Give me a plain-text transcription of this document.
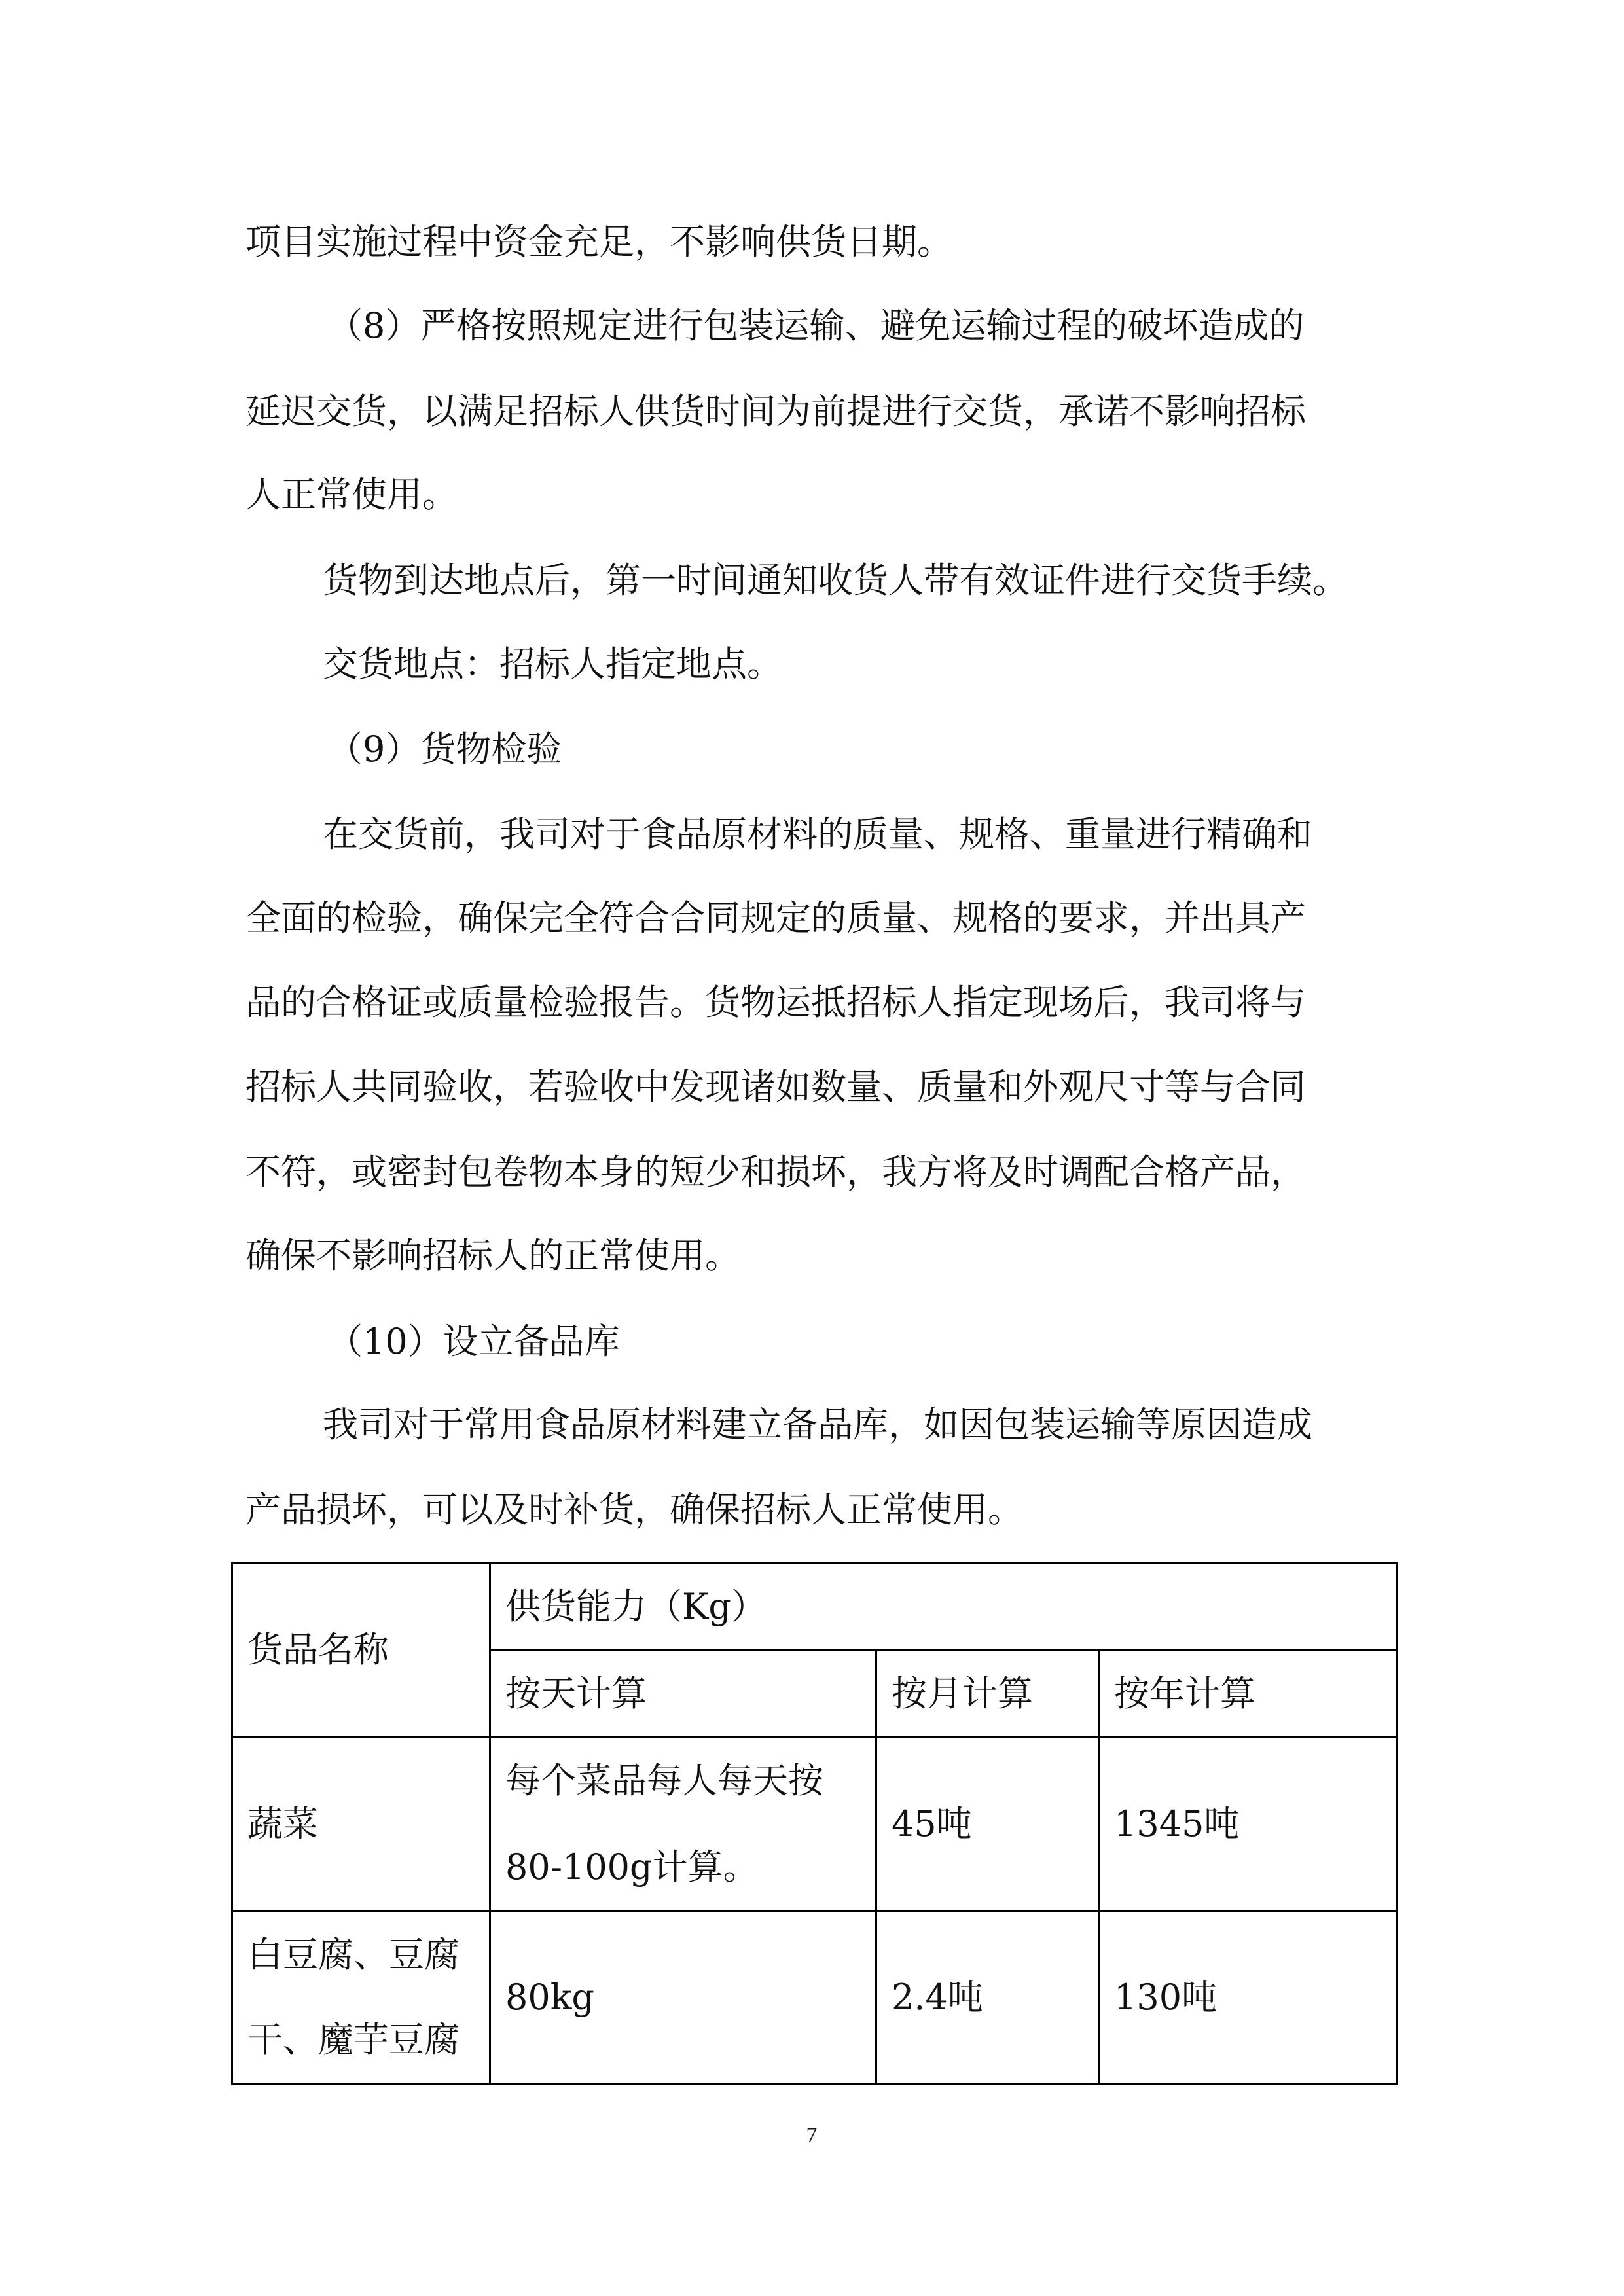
项目实施过程中资金充足，不影响供货日期。
（8）严格按照规定进行包装运输、避免运输过程的破坏造成的
延迟交货，以满足招标人供货时间为前提进行交货，承诺不影响招标
人正常使用。
货物到达地点后，第一时间通知收货人带有效证件进行交货手续。
交货地点：招标人指定地点。
（9）货物检验
在交货前，我司对于食品原材料的质量、规格、重量进行精确和
全面的检验，确保完全符合合同规定的质量、规格的要求，并出具产
品的合格证或质量检验报告。货物运抵招标人指定现场后，我司将与
招标人共同验收，若验收中发现诸如数量、质量和外观尺寸等与合同
不符，或密封包卷物本身的短少和损坏，我方将及时调配合格产品，
确保不影响招标人的正常使用。
（10）设立备品库
我司对于常用食品原材料建立备品库，如因包装运输等原因造成
产品损坏，可以及时补货，确保招标人正常使用。
货品名称	供货能力（Kg）		
	按天计算	按月计算	按年计算
蔬菜	每个菜品每人每天按
80-100g计算。	45吨	1345吨
白豆腐、豆腐
干、魔芋豆腐	80kg	2.4吨	130吨
7
